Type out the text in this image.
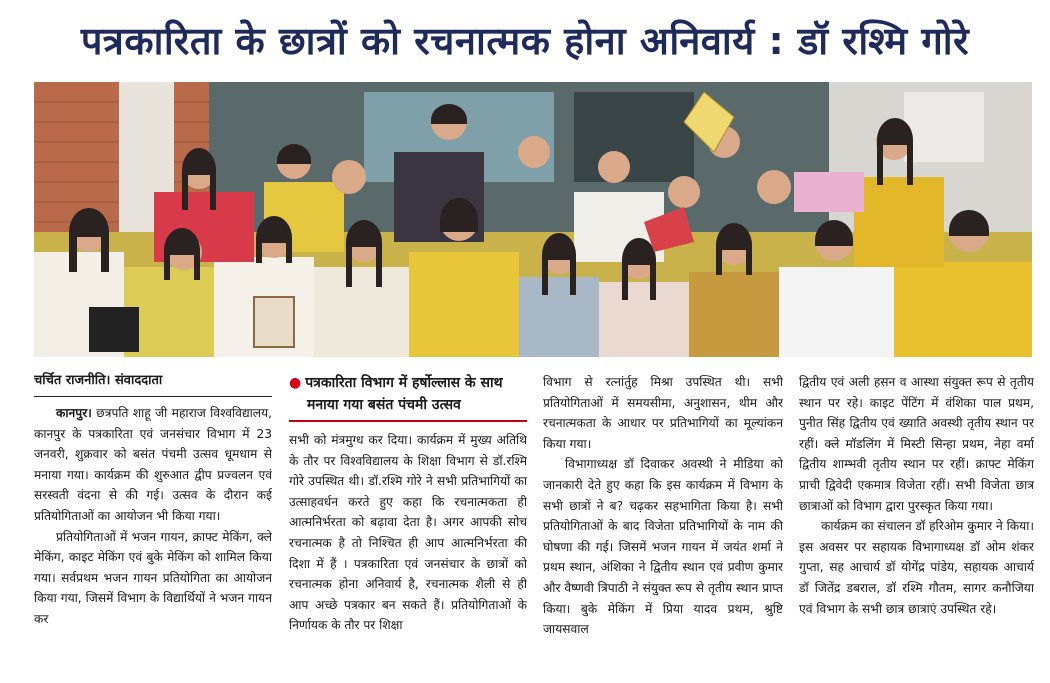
पत्रकारिता के छात्रों को रचनात्मक होना अनिवार्य : डॉ रश्मि गोरे
चर्चित राजनीति। संवाददाता

कानपुर। छत्रपति शाहू जी महाराज विश्वविद्यालय, कानपुर के पत्रकारिता एवं जनसंचार विभाग में 23 जनवरी, शुक्रवार को बसंत पंचमी उत्सव धूमधाम से मनाया गया। कार्यक्रम की शुरुआत द्वीप प्रज्वलन एवं सरस्वती वंदना से की गई। उत्सव के दौरान कई प्रतियोगिताओं का आयोजन भी किया गया।

प्रतियोगिताओं में भजन गायन, क्राफ्ट मेकिंग, क्ले मेकिंग, काइट मेकिंग एवं बुके मेकिंग को शामिल किया गया। सर्वप्रथम भजन गायन प्रतियोगिता का आयोजन किया गया, जिसमें विभाग के विद्यार्थियों ने भजन गायन कर

● पत्रकारिता विभाग में हर्षोल्लास के साथ
मनाया गया बसंत पंचमी उत्सव

सभी को मंत्रमुग्ध कर दिया। कार्यक्रम में मुख्य अतिथि के तौर पर विश्वविद्यालय के शिक्षा विभाग से डॉ.रश्मि गोरे उपस्थित थी। डॉ.रश्मि गोरे ने सभी प्रतिभागियों का उत्साहवर्धन करते हुए कहा कि रचनात्मकता ही आत्मनिर्भरता को बढ़ावा देता है। अगर आपकी सोच रचनात्मक है तो निश्चित ही आप आत्मनिर्भरता की दिशा में हैं । पत्रकारिता एवं जनसंचार के छात्रों को रचनात्मक होना अनिवार्य है, रचनात्मक शैली से ही आप अच्छे पत्रकार बन सकते हैं। प्रतियोगिताओं के निर्णायक के तौर पर शिक्षा

विभाग से रत्नांर्तुह मिश्रा उपस्थित थी। सभी प्रतियोगिताओं में समयसीमा, अनुशासन, थीम और रचनात्मकता के आधार पर प्रतिभागियों का मूल्यांकन किया गया।

विभागाध्यक्ष डॉ दिवाकर अवस्थी ने मीडिया को जानकारी देते हुए कहा कि इस कार्यक्रम में विभाग के सभी छात्रों ने ब? चढ़कर सहभागिता किया है। सभी प्रतियोगिताओं के बाद विजेता प्रतिभागियों के नाम की घोषणा की गई। जिसमें भजन गायन में जयंत शर्मा ने प्रथम स्थान, अंशिका ने द्वितीय स्थान एवं प्रवीण कुमार और वैष्णवी त्रिपाठी ने संयुक्त रूप से तृतीय स्थान प्राप्त किया। बुके मेकिंग में प्रिया यादव प्रथम, श्रुष्टि जायसवाल

द्वितीय एवं अली हसन व आस्था संयुक्त रूप से तृतीय स्थान पर रहे। काइट पेंटिंग में वंशिका पाल प्रथम, पुनीत सिंह द्वितीय एवं ख्याति अवस्थी तृतीय स्थान पर रहीं। क्ले मॉडलिंग में मिस्टी सिन्हा प्रथम, नेहा वर्मा द्वितीय शाम्भवी तृतीय स्थान पर रहीं। क्राफ्ट मेकिंग प्राची द्विवेदी एकमात्र विजेता रहीं। सभी विजेता छात्र छात्राओं को विभाग द्वारा पुरस्कृत किया गया।

कार्यक्रम का संचालन डॉ हरिओम कुमार ने किया। इस अवसर पर सहायक विभागाध्यक्ष डॉ ओम शंकर गुप्ता, सह आचार्य डॉ योगेंद्र पांडेय, सहायक आचार्य डॉ जितेंद्र डबराल, डॉ रश्मि गौतम, सागर कनौजिया एवं विभाग के सभी छात्र छात्राएं उपस्थित रहे।
